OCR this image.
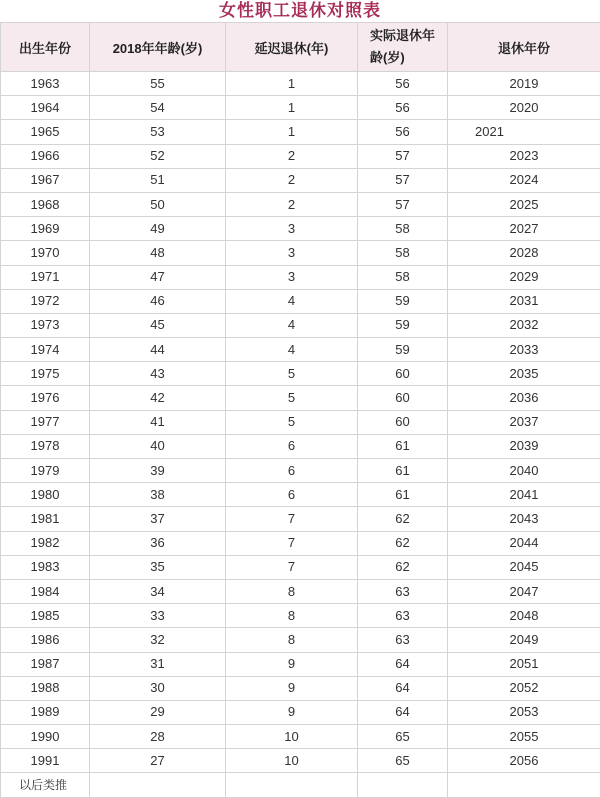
女性职工退休对照表
出生年份	2018年年龄(岁)	延迟退休(年)	实际退休年龄(岁)	退休年份
1963	55	1	56	2019
1964	54	1	56	2020
1965	53	1	56	2021
1966	52	2	57	2023
1967	51	2	57	2024
1968	50	2	57	2025
1969	49	3	58	2027
1970	48	3	58	2028
1971	47	3	58	2029
1972	46	4	59	2031
1973	45	4	59	2032
1974	44	4	59	2033
1975	43	5	60	2035
1976	42	5	60	2036
1977	41	5	60	2037
1978	40	6	61	2039
1979	39	6	61	2040
1980	38	6	61	2041
1981	37	7	62	2043
1982	36	7	62	2044
1983	35	7	62	2045
1984	34	8	63	2047
1985	33	8	63	2048
1986	32	8	63	2049
1987	31	9	64	2051
1988	30	9	64	2052
1989	29	9	64	2053
1990	28	10	65	2055
1991	27	10	65	2056
以后类推				
